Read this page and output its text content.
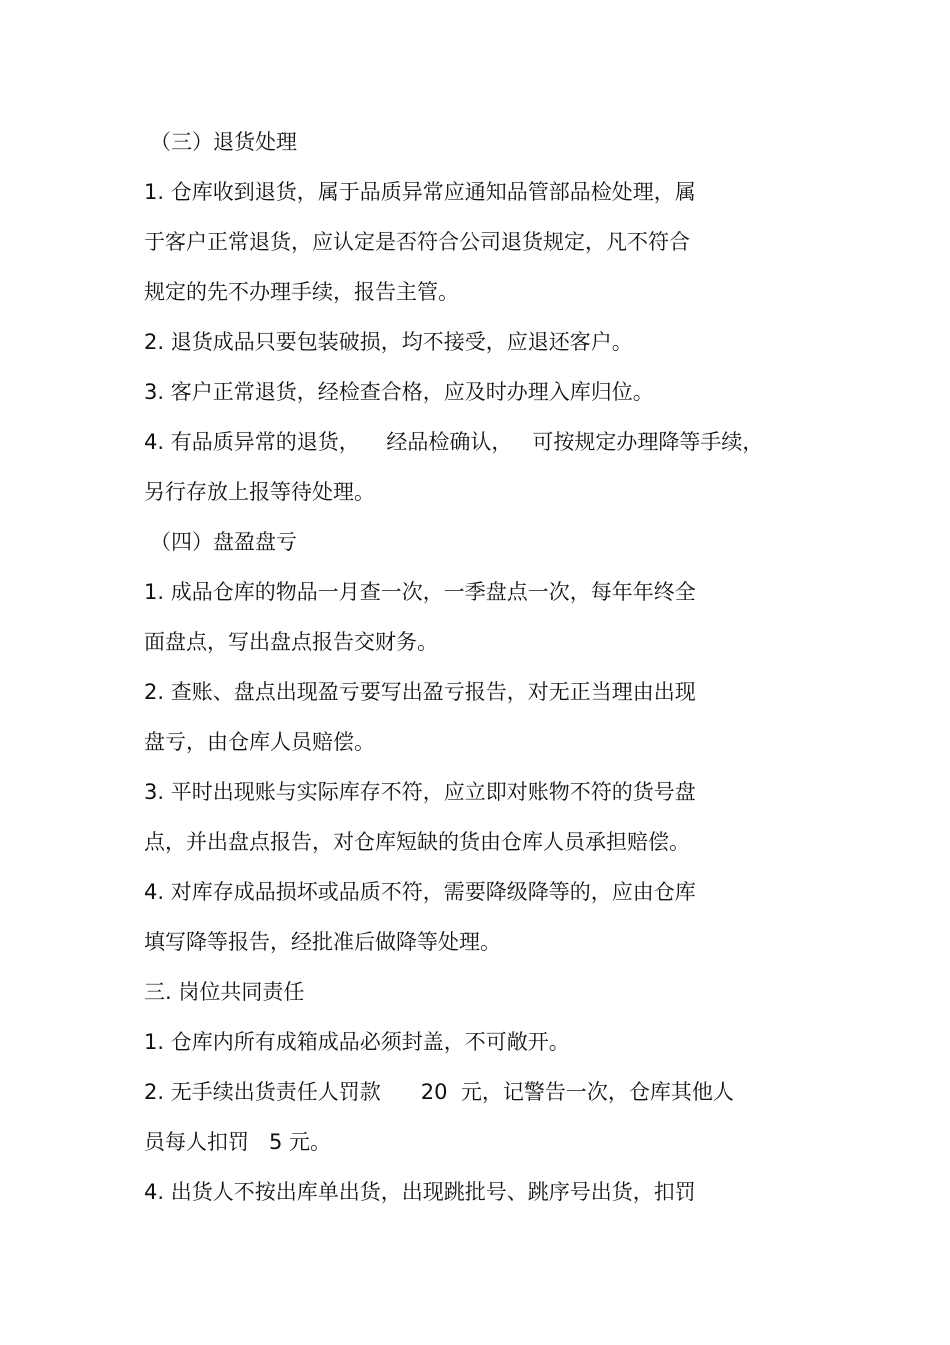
（三）退货处理
1. 仓库收到退货，属于品质异常应通知品管部品检处理，属
于客户正常退货，应认定是否符合公司退货规定，凡不符合
规定的先不办理手续，报告主管。
2. 退货成品只要包装破损，均不接受，应退还客户。
3. 客户正常退货，经检查合格，应及时办理入库归位。
4. 有品质异常的退货，    经品检确认，   可按规定办理降等手续，
另行存放上报等待处理。
（四）盘盈盘亏
1. 成品仓库的物品一月查一次，一季盘点一次，每年年终全
面盘点，写出盘点报告交财务。
2. 查账、盘点出现盈亏要写出盈亏报告，对无正当理由出现
盘亏，由仓库人员赔偿。
3. 平时出现账与实际库存不符，应立即对账物不符的货号盘
点，并出盘点报告，对仓库短缺的货由仓库人员承担赔偿。
4. 对库存成品损坏或品质不符，需要降级降等的，应由仓库
填写降等报告，经批准后做降等处理。
三. 岗位共同责任
1. 仓库内所有成箱成品必须封盖，不可敞开。
2. 无手续出货责任人罚款      20  元，记警告一次，仓库其他人
员每人扣罚   5 元。
4. 出货人不按出库单出货，出现跳批号、跳序号出货，扣罚
